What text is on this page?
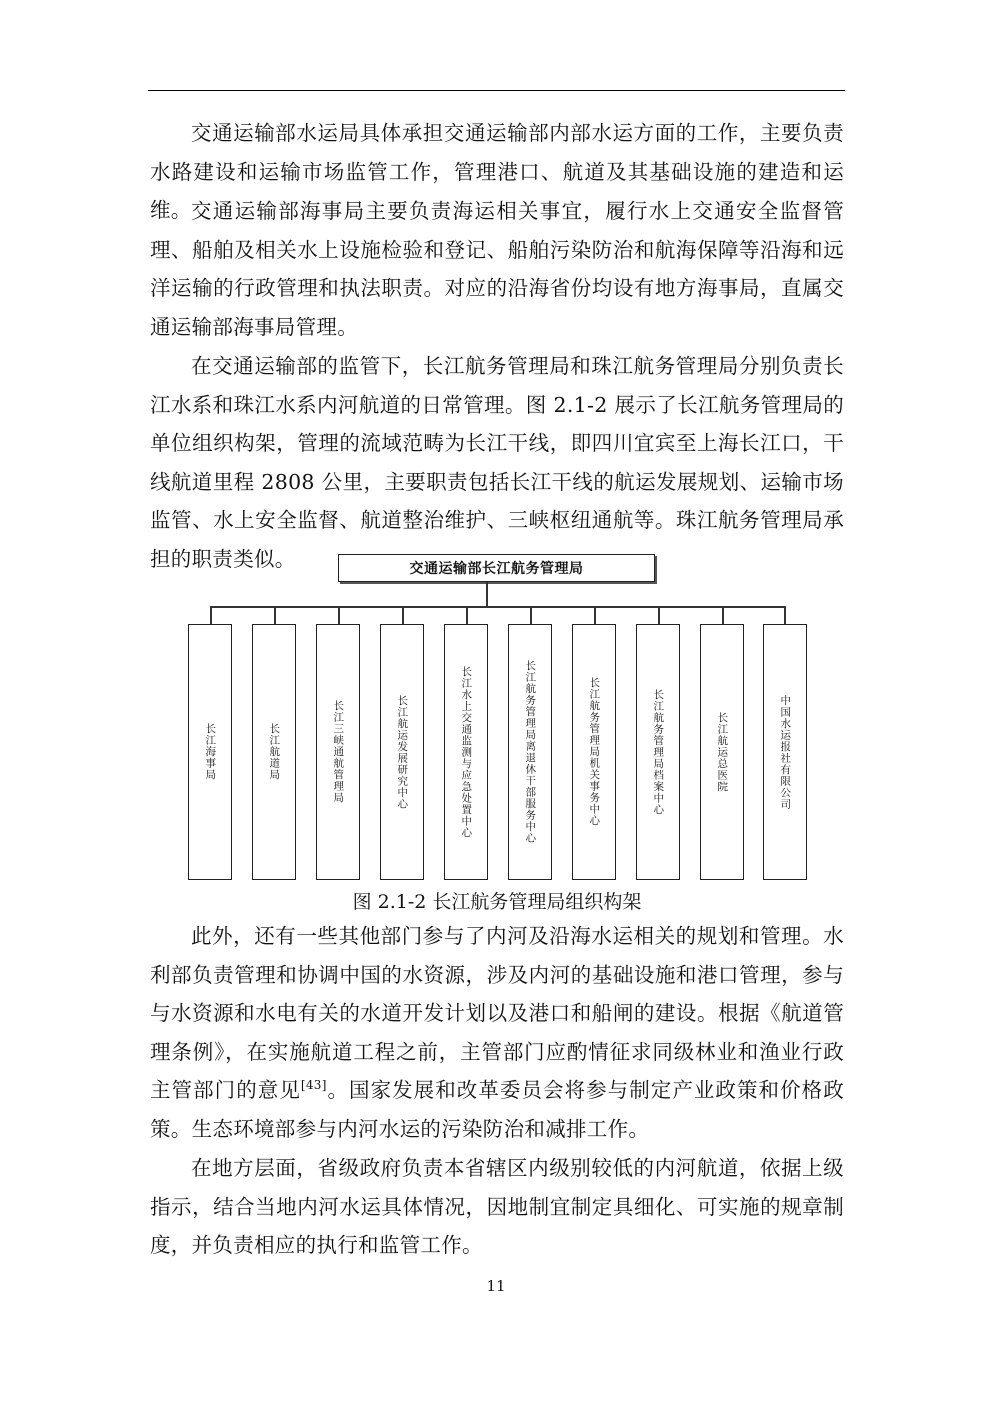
交通运输部水运局具体承担交通运输部内部水运方面的工作，主要负责水路建设和运输市场监管工作，管理港口、航道及其基础设施的建造和运维。 交通运输部海事局主要负责海运相关事宜，履行水上交通安全监督管理、船舶及相关水上设施检验和登记、船舶污染防治和航海保障等沿海和远洋运输的行政管理和执法职责。对应的沿海省份均设有地方海事局，直属交通运输部海事局管理。

在交通运输部的监管下，长江航务管理局和珠江航务管理局分别负责长江水系和珠江水系内河航道的日常管理。图 2.1-2 展示了长江航务管理局的单位组织构架，管理的流域范畴为长江干线，即四川宜宾至上海长江口，干线航道里程 2808 公里，主要职责包括长江干线的航运发展规划、运输市场监管、水上安全监督、航道整治维护、三峡枢纽通航等。珠江航务管理局承担的职责类似。	交通运输部长江航务管理局
长江海事局	长江航道局	长江三峡通航管理局	长江航运发展研究中心	长江水上交通监测与应急处置中心	长江航务管理局离退休干部服务中心	长江航务管理局机关事务中心	长江航务管理局档案中心	长江航运总医院	中国水运报社有限公司

图 2.1-2 长江航务管理局组织构架

此外，还有一些其他部门参与了内河及沿海水运相关的规划和管理。水利部负责管理和协调中国的水资源，涉及内河的基础设施和港口管理，参与与水资源和水电有关的水道开发计划以及港口和船闸的建设。根据《航道管理条例》，在实施航道工程之前，主管部门应酌情征求同级林业和渔业行政主管部门的意见[43]。国家发展和改革委员会将参与制定产业政策和价格政策。生态环境部参与内河水运的污染防治和减排工作。

在地方层面，省级政府负责本省辖区内级别较低的内河航道，依据上级指示，结合当地内河水运具体情况，因地制宜制定具细化、可实施的规章制度，并负责相应的执行和监管工作。

11
